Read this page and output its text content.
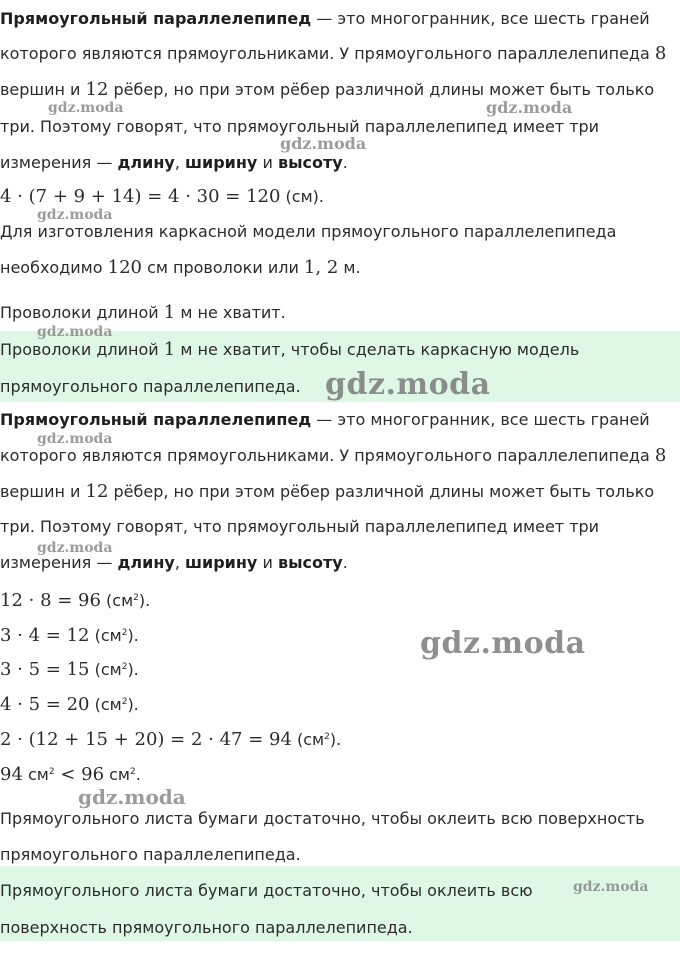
Прямоугольный параллелепипед — это многогранник, все шесть граней
которого являются прямоугольниками. У прямоугольного параллелепипеда 8
вершин и 12 рёбер, но при этом рёбер различной длины может быть только
три. Поэтому говорят, что прямоугольный параллелепипед имеет три
измерения — длину, ширину и высоту.
4 · (7 + 9 + 14) = 4 · 30 = 120 (см).
Для изготовления каркасной модели прямоугольного параллелепипеда
необходимо 120 см проволоки или 1, 2 м.
Проволоки длиной 1 м не хватит.
Проволоки длиной 1 м не хватит, чтобы сделать каркасную модель
прямоугольного параллелепипеда.
Прямоугольный параллелепипед — это многогранник, все шесть граней
которого являются прямоугольниками. У прямоугольного параллелепипеда 8
вершин и 12 рёбер, но при этом рёбер различной длины может быть только
три. Поэтому говорят, что прямоугольный параллелепипед имеет три
измерения — длину, ширину и высоту.
12 · 8 = 96 $(см^2)$.
3 · 4 = 12 $(см^2)$.
3 · 5 = 15 $(см^2)$.
4 · 5 = 20 $(см^2)$.
2 · (12 + 15 + 20) = 2 · 47 = 94 $(см^2)$.
94 $см^2 < 96$ $см^2$.
Прямоугольного листа бумаги достаточно, чтобы оклеить всю поверхность
прямоугольного параллелепипеда.
Прямоугольного листа бумаги достаточно, чтобы оклеить всю
поверхность прямоугольного параллелепипеда.
gdz.moda	gdz.moda
gdz.moda
gdz.moda
gdz.moda
gdz.moda
gdz.moda
gdz.moda
gdz.moda
gdz.moda
gdz.moda
